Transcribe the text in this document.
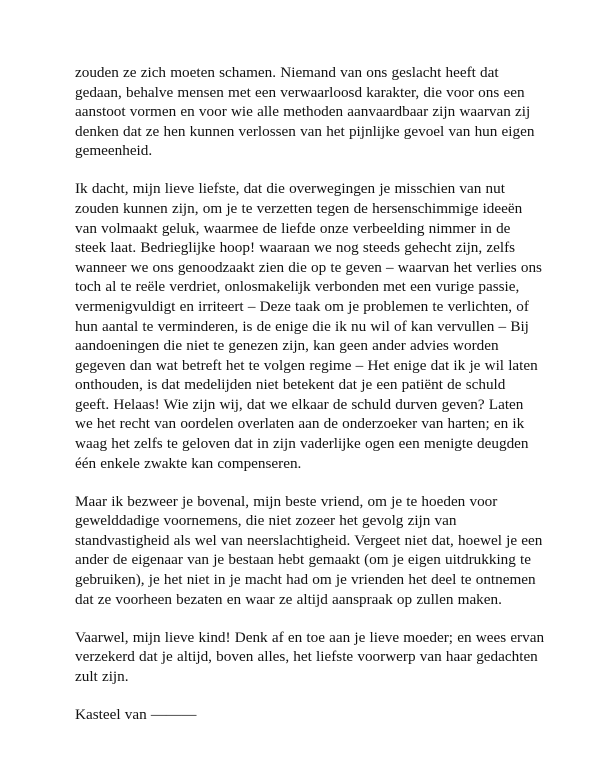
zouden ze zich moeten schamen. Niemand van ons geslacht heeft dat
gedaan, behalve mensen met een verwaarloosd karakter, die voor ons een
aanstoot vormen en voor wie alle methoden aanvaardbaar zijn waarvan zij
denken dat ze hen kunnen verlossen van het pijnlijke gevoel van hun eigen
gemeenheid.
Ik dacht, mijn lieve liefste, dat die overwegingen je misschien van nut
zouden kunnen zijn, om je te verzetten tegen de hersenschimmige ideeën
van volmaakt geluk, waarmee de liefde onze verbeelding nimmer in de
steek laat. Bedrieglijke hoop! waaraan we nog steeds gehecht zijn, zelfs
wanneer we ons genoodzaakt zien die op te geven – waarvan het verlies ons
toch al te reële verdriet, onlosmakelijk verbonden met een vurige passie,
vermenigvuldigt en irriteert – Deze taak om je problemen te verlichten, of
hun aantal te verminderen, is de enige die ik nu wil of kan vervullen – Bij
aandoeningen die niet te genezen zijn, kan geen ander advies worden
gegeven dan wat betreft het te volgen regime – Het enige dat ik je wil laten
onthouden, is dat medelijden niet betekent dat je een patiënt de schuld
geeft. Helaas! Wie zijn wij, dat we elkaar de schuld durven geven? Laten
we het recht van oordelen overlaten aan de onderzoeker van harten; en ik
waag het zelfs te geloven dat in zijn vaderlijke ogen een menigte deugden
één enkele zwakte kan compenseren.
Maar ik bezweer je bovenal, mijn beste vriend, om je te hoeden voor
gewelddadige voornemens, die niet zozeer het gevolg zijn van
standvastigheid als wel van neerslachtigheid. Vergeet niet dat, hoewel je een
ander de eigenaar van je bestaan hebt gemaakt (om je eigen uitdrukking te
gebruiken), je het niet in je macht had om je vrienden het deel te ontnemen
dat ze voorheen bezaten en waar ze altijd aanspraak op zullen maken.
Vaarwel, mijn lieve kind! Denk af en toe aan je lieve moeder; en wees ervan
verzekerd dat je altijd, boven alles, het liefste voorwerp van haar gedachten
zult zijn.
Kasteel van ———
